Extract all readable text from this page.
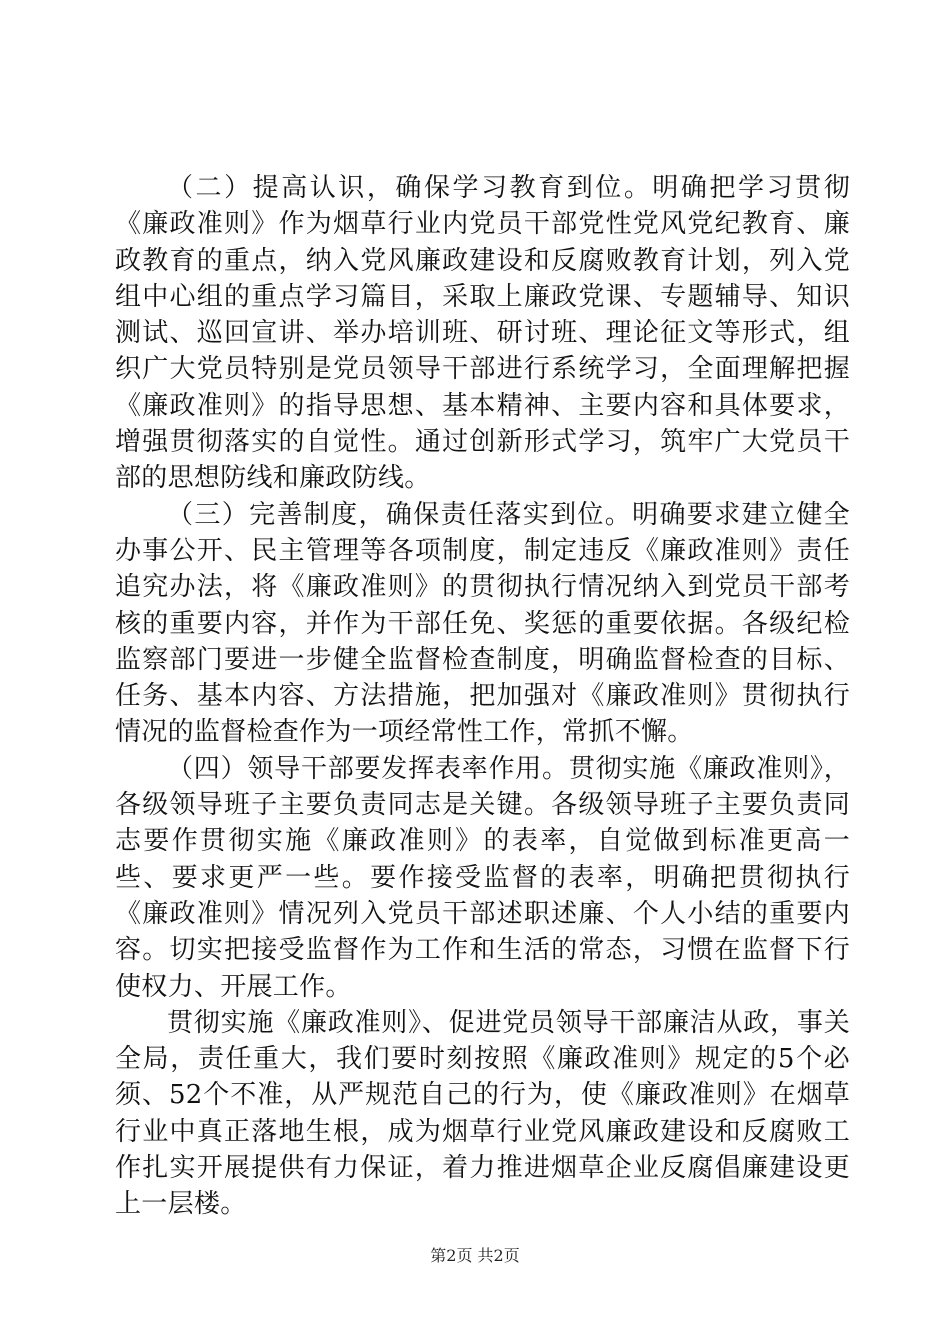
（二）提高认识，确保学习教育到位。明确把学习贯彻《廉政准则》作为烟草行业内党员干部党性党风党纪教育、廉政教育的重点，纳入党风廉政建设和反腐败教育计划，列入党组中心组的重点学习篇目，采取上廉政党课、专题辅导、知识测试、巡回宣讲、举办培训班、研讨班、理论征文等形式，组织广大党员特别是党员领导干部进行系统学习，全面理解把握《廉政准则》的指导思想、基本精神、主要内容和具体要求，增强贯彻落实的自觉性。通过创新形式学习，筑牢广大党员干部的思想防线和廉政防线。

（三）完善制度，确保责任落实到位。明确要求建立健全办事公开、民主管理等各项制度，制定违反《廉政准则》责任追究办法，将《廉政准则》的贯彻执行情况纳入到党员干部考核的重要内容，并作为干部任免、奖惩的重要依据。各级纪检监察部门要进一步健全监督检查制度，明确监督检查的目标、任务、基本内容、方法措施，把加强对《廉政准则》贯彻执行情况的监督检查作为一项经常性工作，常抓不懈。

（四）领导干部要发挥表率作用。贯彻实施《廉政准则》，各级领导班子主要负责同志是关键。各级领导班子主要负责同志要作贯彻实施《廉政准则》的表率，自觉做到标准更高一些、要求更严一些。要作接受监督的表率，明确把贯彻执行《廉政准则》情况列入党员干部述职述廉、个人小结的重要内容。切实把接受监督作为工作和生活的常态，习惯在监督下行使权力、开展工作。

贯彻实施《廉政准则》、促进党员领导干部廉洁从政，事关全局，责任重大，我们要时刻按照《廉政准则》规定的5个必须、52个不准，从严规范自己的行为，使《廉政准则》在烟草行业中真正落地生根，成为烟草行业党风廉政建设和反腐败工作扎实开展提供有力保证，着力推进烟草企业反腐倡廉建设更上一层楼。

第2页 共2页
